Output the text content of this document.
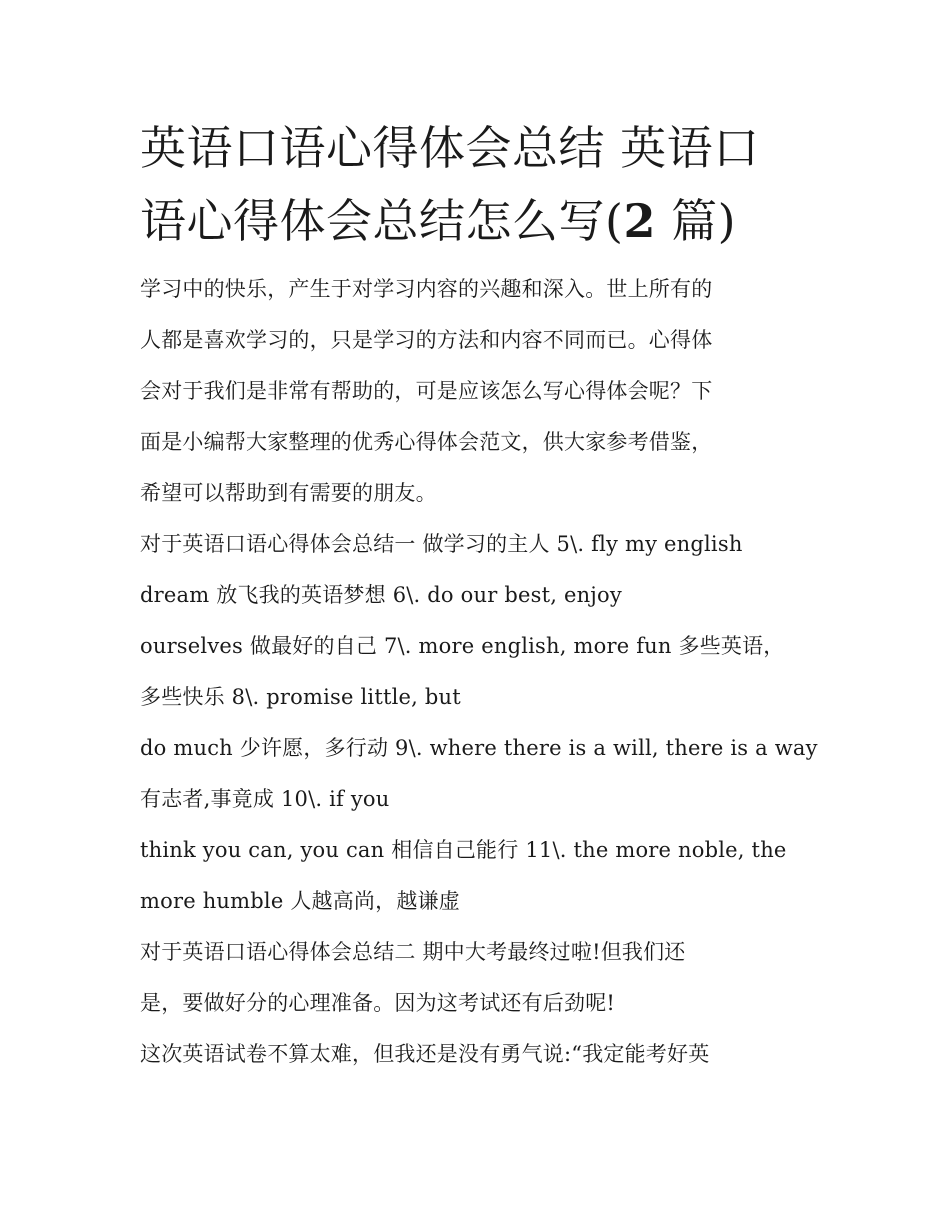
英语口语心得体会总结 英语口
语心得体会总结怎么写(2 篇)

学习中的快乐，产生于对学习内容的兴趣和深入。世上所有的
人都是喜欢学习的，只是学习的方法和内容不同而已。心得体
会对于我们是非常有帮助的，可是应该怎么写心得体会呢？下
面是小编帮大家整理的优秀心得体会范文，供大家参考借鉴，
希望可以帮助到有需要的朋友。

对于英语口语心得体会总结一 做学习的主人 5\. fly my english
dream 放飞我的英语梦想 6\. do our best, enjoy
ourselves 做最好的自己 7\. more english, more fun 多些英语，
多些快乐 8\. promise little, but
do much 少许愿，多行动 9\. where there is a will, there is a way
有志者,事竟成 10\. if you
think you can, you can 相信自己能行 11\. the more noble, the
more humble 人越高尚，越谦虚

对于英语口语心得体会总结二 期中大考最终过啦!但我们还
是，要做好分的心理准备。因为这考试还有后劲呢!
这次英语试卷不算太难，但我还是没有勇气说:“我定能考好英
